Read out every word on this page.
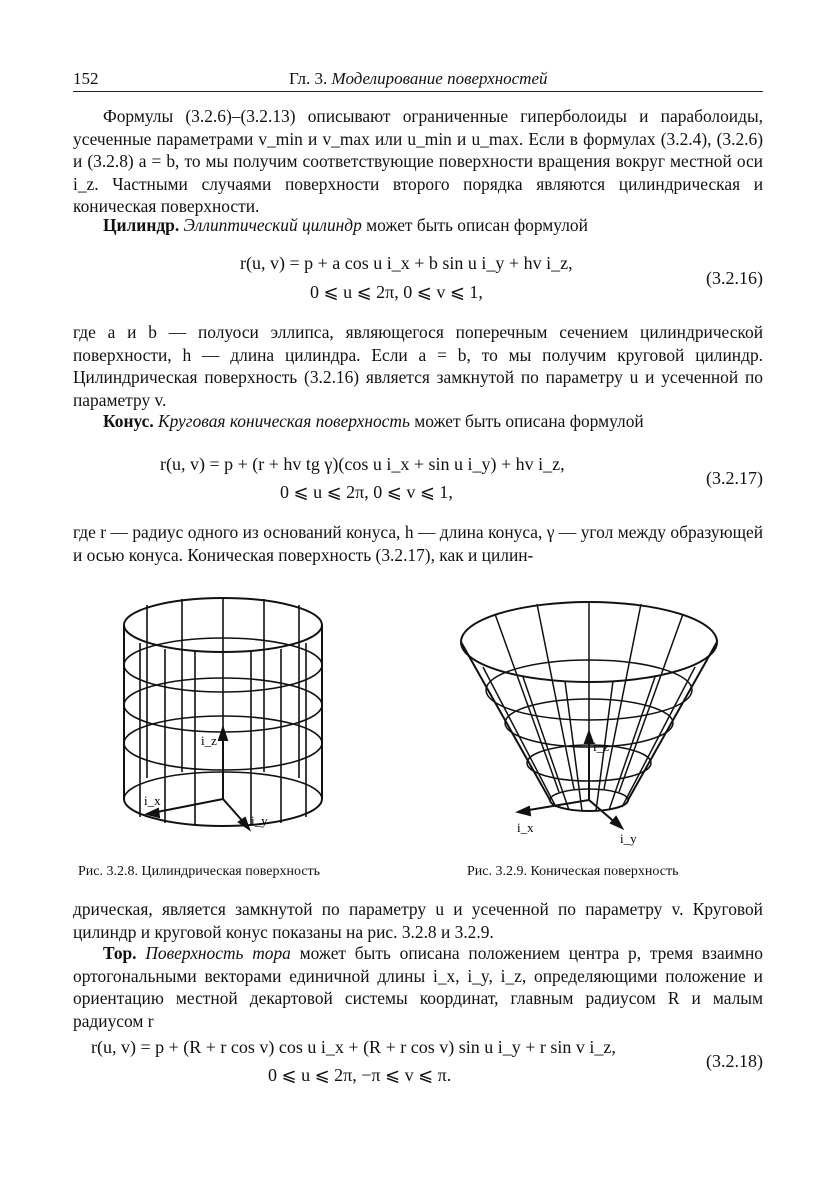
152	Гл. 3. Моделирование поверхностей

Формулы (3.2.6)–(3.2.13) описывают ограниченные гиперболоиды и параболоиды, усеченные параметрами v_min и v_max или u_min и u_max. Если в формулах (3.2.4), (3.2.6) и (3.2.8) a = b, то мы получим соответствующие поверхности вращения вокруг местной оси i_z. Частными случаями поверхности второго порядка являются цилиндрическая и коническая поверхности.

Цилиндр. Эллиптический цилиндр может быть описан формулой

r(u, v) = p + a cos u i_x + b sin u i_y + hv i_z,
0 ⩽ u ⩽ 2π, 0 ⩽ v ⩽ 1,
(3.2.16)

где a и b — полуоси эллипса, являющегося поперечным сечением цилиндрической поверхности, h — длина цилиндра. Если a = b, то мы получим круговой цилиндр. Цилиндрическая поверхность (3.2.16) является замкнутой по параметру u и усеченной по параметру v.

Конус. Круговая коническая поверхность может быть описана формулой

r(u, v) = p + (r + hv tg γ)(cos u i_x + sin u i_y) + hv i_z,
0 ⩽ u ⩽ 2π, 0 ⩽ v ⩽ 1,
(3.2.17)

где r — радиус одного из оснований конуса, h — длина конуса, γ — угол между образующей и осью конуса. Коническая поверхность (3.2.17), как и цилин-

i_z
i_x
i_y
Рис. 3.2.8. Цилиндрическая поверхность
i_z
i_x
i_y
Рис. 3.2.9. Коническая поверхность

дрическая, является замкнутой по параметру u и усеченной по параметру v. Круговой цилиндр и круговой конус показаны на рис. 3.2.8 и 3.2.9.

Тор. Поверхность тора может быть описана положением центра p, тремя взаимно ортогональными векторами единичной длины i_x, i_y, i_z, определяющими положение и ориентацию местной декартовой системы координат, главным радиусом R и малым радиусом r

r(u, v) = p + (R + r cos v) cos u i_x + (R + r cos v) sin u i_y + r sin v i_z,
0 ⩽ u ⩽ 2π, −π ⩽ v ⩽ π.
(3.2.18)
